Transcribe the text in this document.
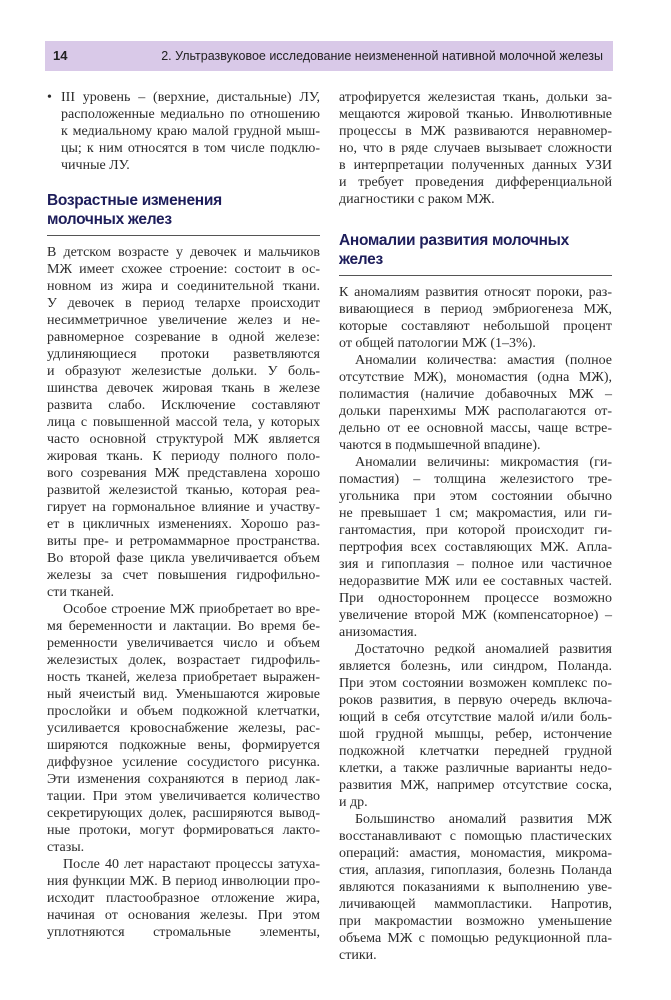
14	2. Ультразвуковое исследование неизмененной нативной молочной железы
• III уровень – (верхние, дистальные) ЛУ,
расположенные медиально по отношению
к медиальному краю малой грудной мыш-
цы; к ним относятся в том числе подклю-
чичные ЛУ.
Возрастные изменения
молочных желез
В детском возрасте у девочек и мальчиков
МЖ имеет схожее строение: состоит в ос-
новном из жира и соединительной ткани.
У девочек в период телархе происходит
несимметричное увеличение желез и не-
равномерное созревание в одной железе:
удлиняющиеся протоки разветвляются
и образуют железистые дольки. У боль-
шинства девочек жировая ткань в железе
развита слабо. Исключение составляют
лица с повышенной массой тела, у которых
часто основной структурой МЖ является
жировая ткань. К периоду полного поло-
вого созревания МЖ представлена хорошо
развитой железистой тканью, которая реа-
гирует на гормональное влияние и участву-
ет в цикличных изменениях. Хорошо раз-
виты пре- и ретромаммарное пространства.
Во второй фазе цикла увеличивается объем
железы за счет повышения гидрофильно-
сти тканей.
Особое строение МЖ приобретает во вре-
мя беременности и лактации. Во время бе-
ременности увеличивается число и объем
железистых долек, возрастает гидрофиль-
ность тканей, железа приобретает выражен-
ный ячеистый вид. Уменьшаются жировые
прослойки и объем подкожной клетчатки,
усиливается кровоснабжение железы, рас-
ширяются подкожные вены, формируется
диффузное усиление сосудистого рисунка.
Эти изменения сохраняются в период лак-
тации. При этом увеличивается количество
секретирующих долек, расширяются вывод-
ные протоки, могут формироваться лакто-
стазы.
После 40 лет нарастают процессы затуха-
ния функции МЖ. В период инволюции про-
исходит пластообразное отложение жира,
начиная от основания железы. При этом
уплотняются стромальные элементы,
атрофируется железистая ткань, дольки за-
мещаются жировой тканью. Инволютивные
процессы в МЖ развиваются неравномер-
но, что в ряде случаев вызывает сложности
в интерпретации полученных данных УЗИ
и требует проведения дифференциальной
диагностики с раком МЖ.
Аномалии развития молочных желез
К аномалиям развития относят пороки, раз-
вивающиеся в период эмбриогенеза МЖ,
которые составляют небольшой процент
от общей патологии МЖ (1–3%).
Аномалии количества: амастия (полное
отсутствие МЖ), мономастия (одна МЖ),
полимастия (наличие добавочных МЖ –
дольки паренхимы МЖ располагаются от-
дельно от ее основной массы, чаще встре-
чаются в подмышечной впадине).
Аномалии величины: микромастия (ги-
помастия) – толщина железистого тре-
угольника при этом состоянии обычно
не превышает 1 см; макромастия, или ги-
гантомастия, при которой происходит ги-
пертрофия всех составляющих МЖ. Апла-
зия и гипоплазия – полное или частичное
недоразвитие МЖ или ее составных частей.
При одностороннем процессе возможно
увеличение второй МЖ (компенсаторное) –
анизомастия.
Достаточно редкой аномалией развития
является болезнь, или синдром, Поланда.
При этом состоянии возможен комплекс по-
роков развития, в первую очередь включа-
ющий в себя отсутствие малой и/или боль-
шой грудной мышцы, ребер, истончение
подкожной клетчатки передней грудной
клетки, а также различные варианты недо-
развития МЖ, например отсутствие соска,
и др.
Большинство аномалий развития МЖ
восстанавливают с помощью пластических
операций: амастия, мономастия, микрома-
стия, аплазия, гипоплазия, болезнь Поланда
являются показаниями к выполнению уве-
личивающей маммопластики. Напротив,
при макромастии возможно уменьшение
объема МЖ с помощью редукционной пла-
стики.
